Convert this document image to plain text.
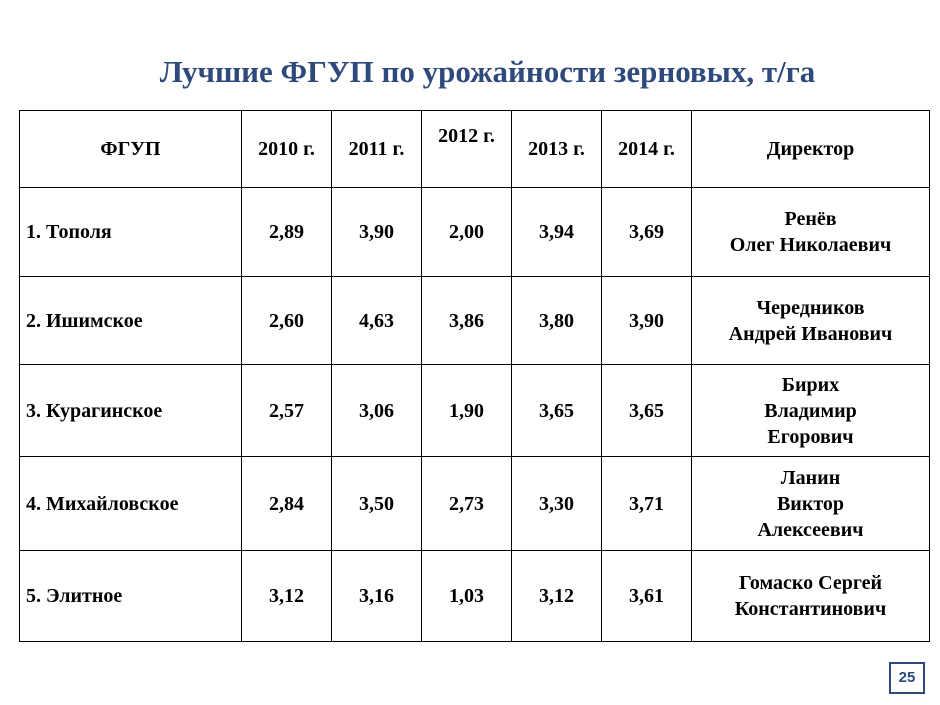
Лучшие ФГУП по урожайности зерновых, т/га
ФГУП	2010 г.	2011 г.	2012 г.	2013 г.	2014 г.	Директор
1. Тополя	2,89	3,90	2,00	3,94	3,69	Ренёв
Олег Николаевич

2. Ишимское	2,60	4,63	3,86	3,80	3,90	Чередников
Андрей Иванович

3. Курагинское	2,57	3,06	1,90	3,65	3,65	Бирих
Владимир
Егорович

4. Михайловское	2,84	3,50	2,73	3,30	3,71	Ланин
Виктор
Алексеевич

5. Элитное	3,12	3,16	1,03	3,12	3,61	Гомаско Сергей
Константинович
25
